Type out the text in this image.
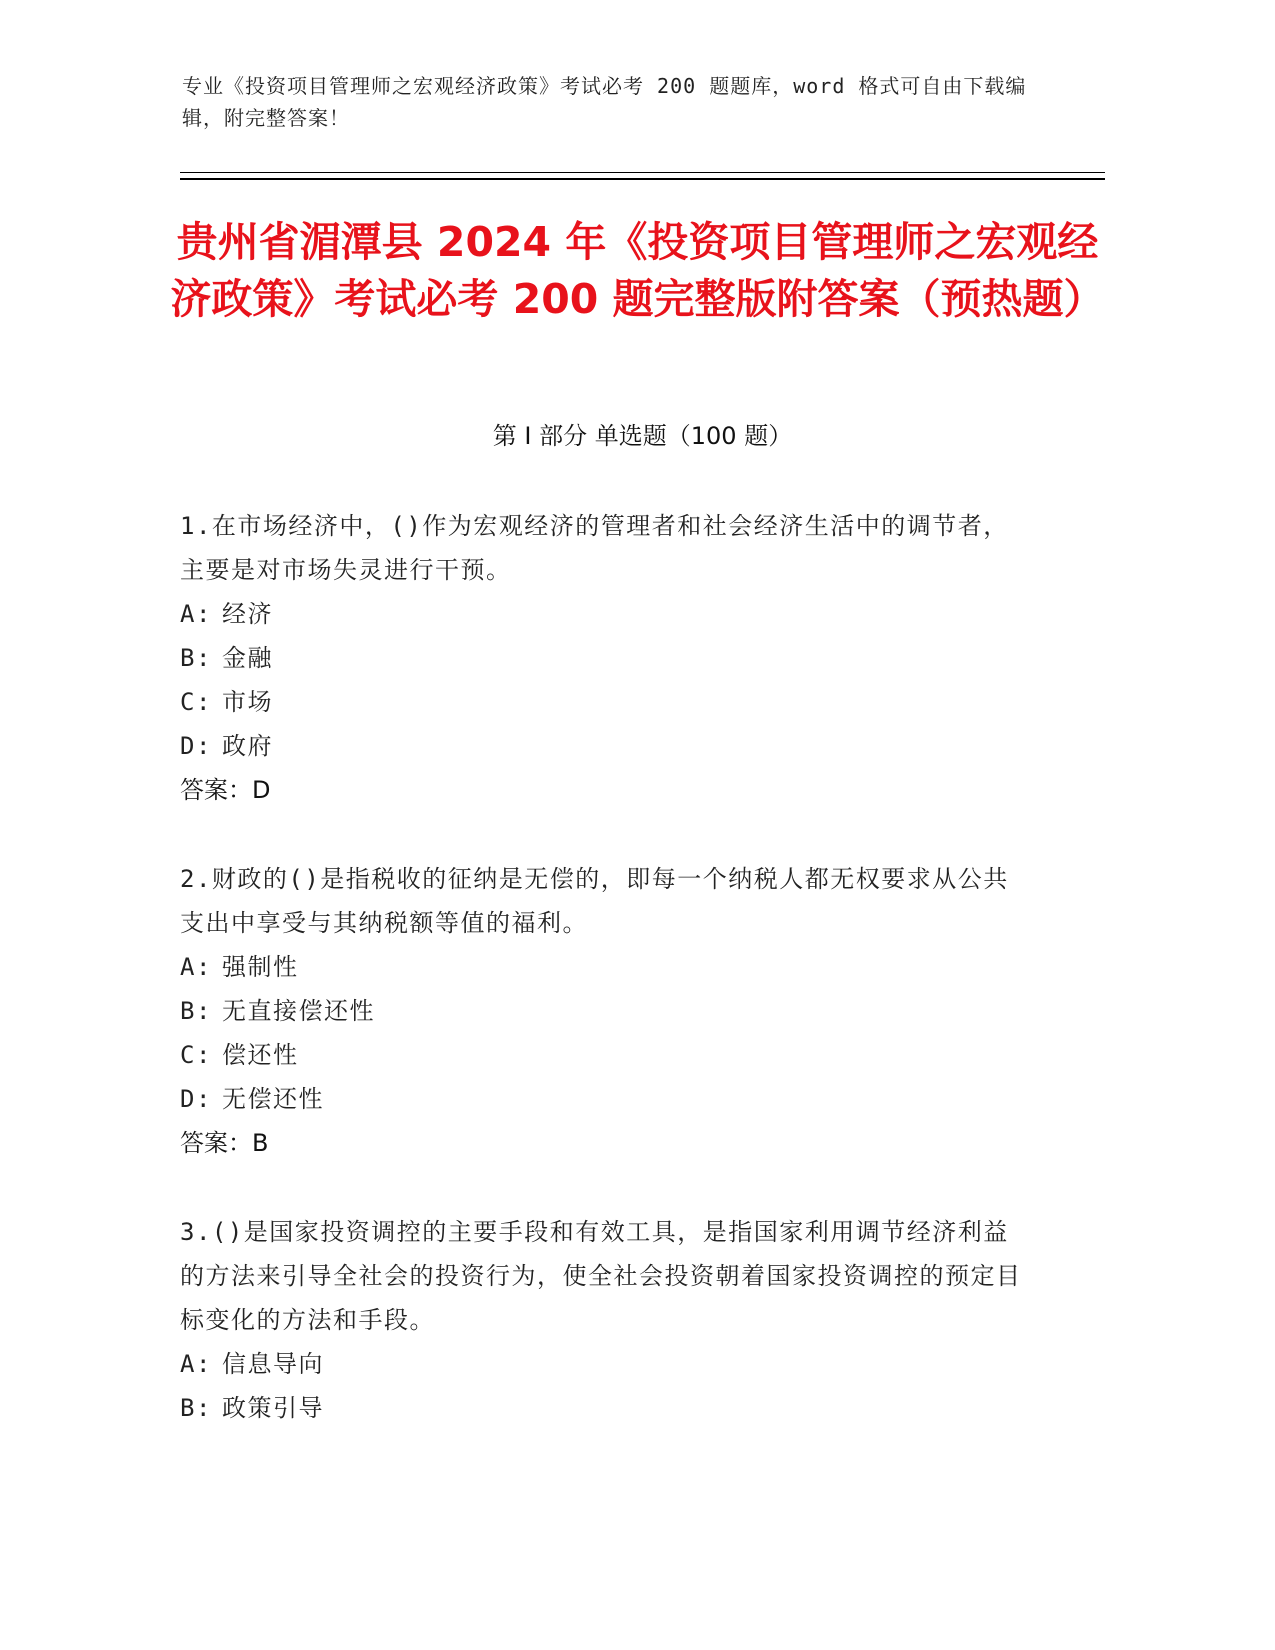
专业《投资项目管理师之宏观经济政策》考试必考 200 题题库，word 格式可自由下载编辑，附完整答案！
贵州省湄潭县 2024 年《投资项目管理师之宏观经济政策》考试必考 200 题完整版附答案（预热题）
第 I 部分 单选题（100 题）
1.在市场经济中，()作为宏观经济的管理者和社会经济生活中的调节者，主要是对市场失灵进行干预。
A: 经济
B: 金融
C: 市场
D: 政府
答案：D
2.财政的()是指税收的征纳是无偿的，即每一个纳税人都无权要求从公共支出中享受与其纳税额等值的福利。
A: 强制性
B: 无直接偿还性
C: 偿还性
D: 无偿还性
答案：B
3.()是国家投资调控的主要手段和有效工具，是指国家利用调节经济利益的方法来引导全社会的投资行为，使全社会投资朝着国家投资调控的预定目标变化的方法和手段。
A: 信息导向
B: 政策引导
